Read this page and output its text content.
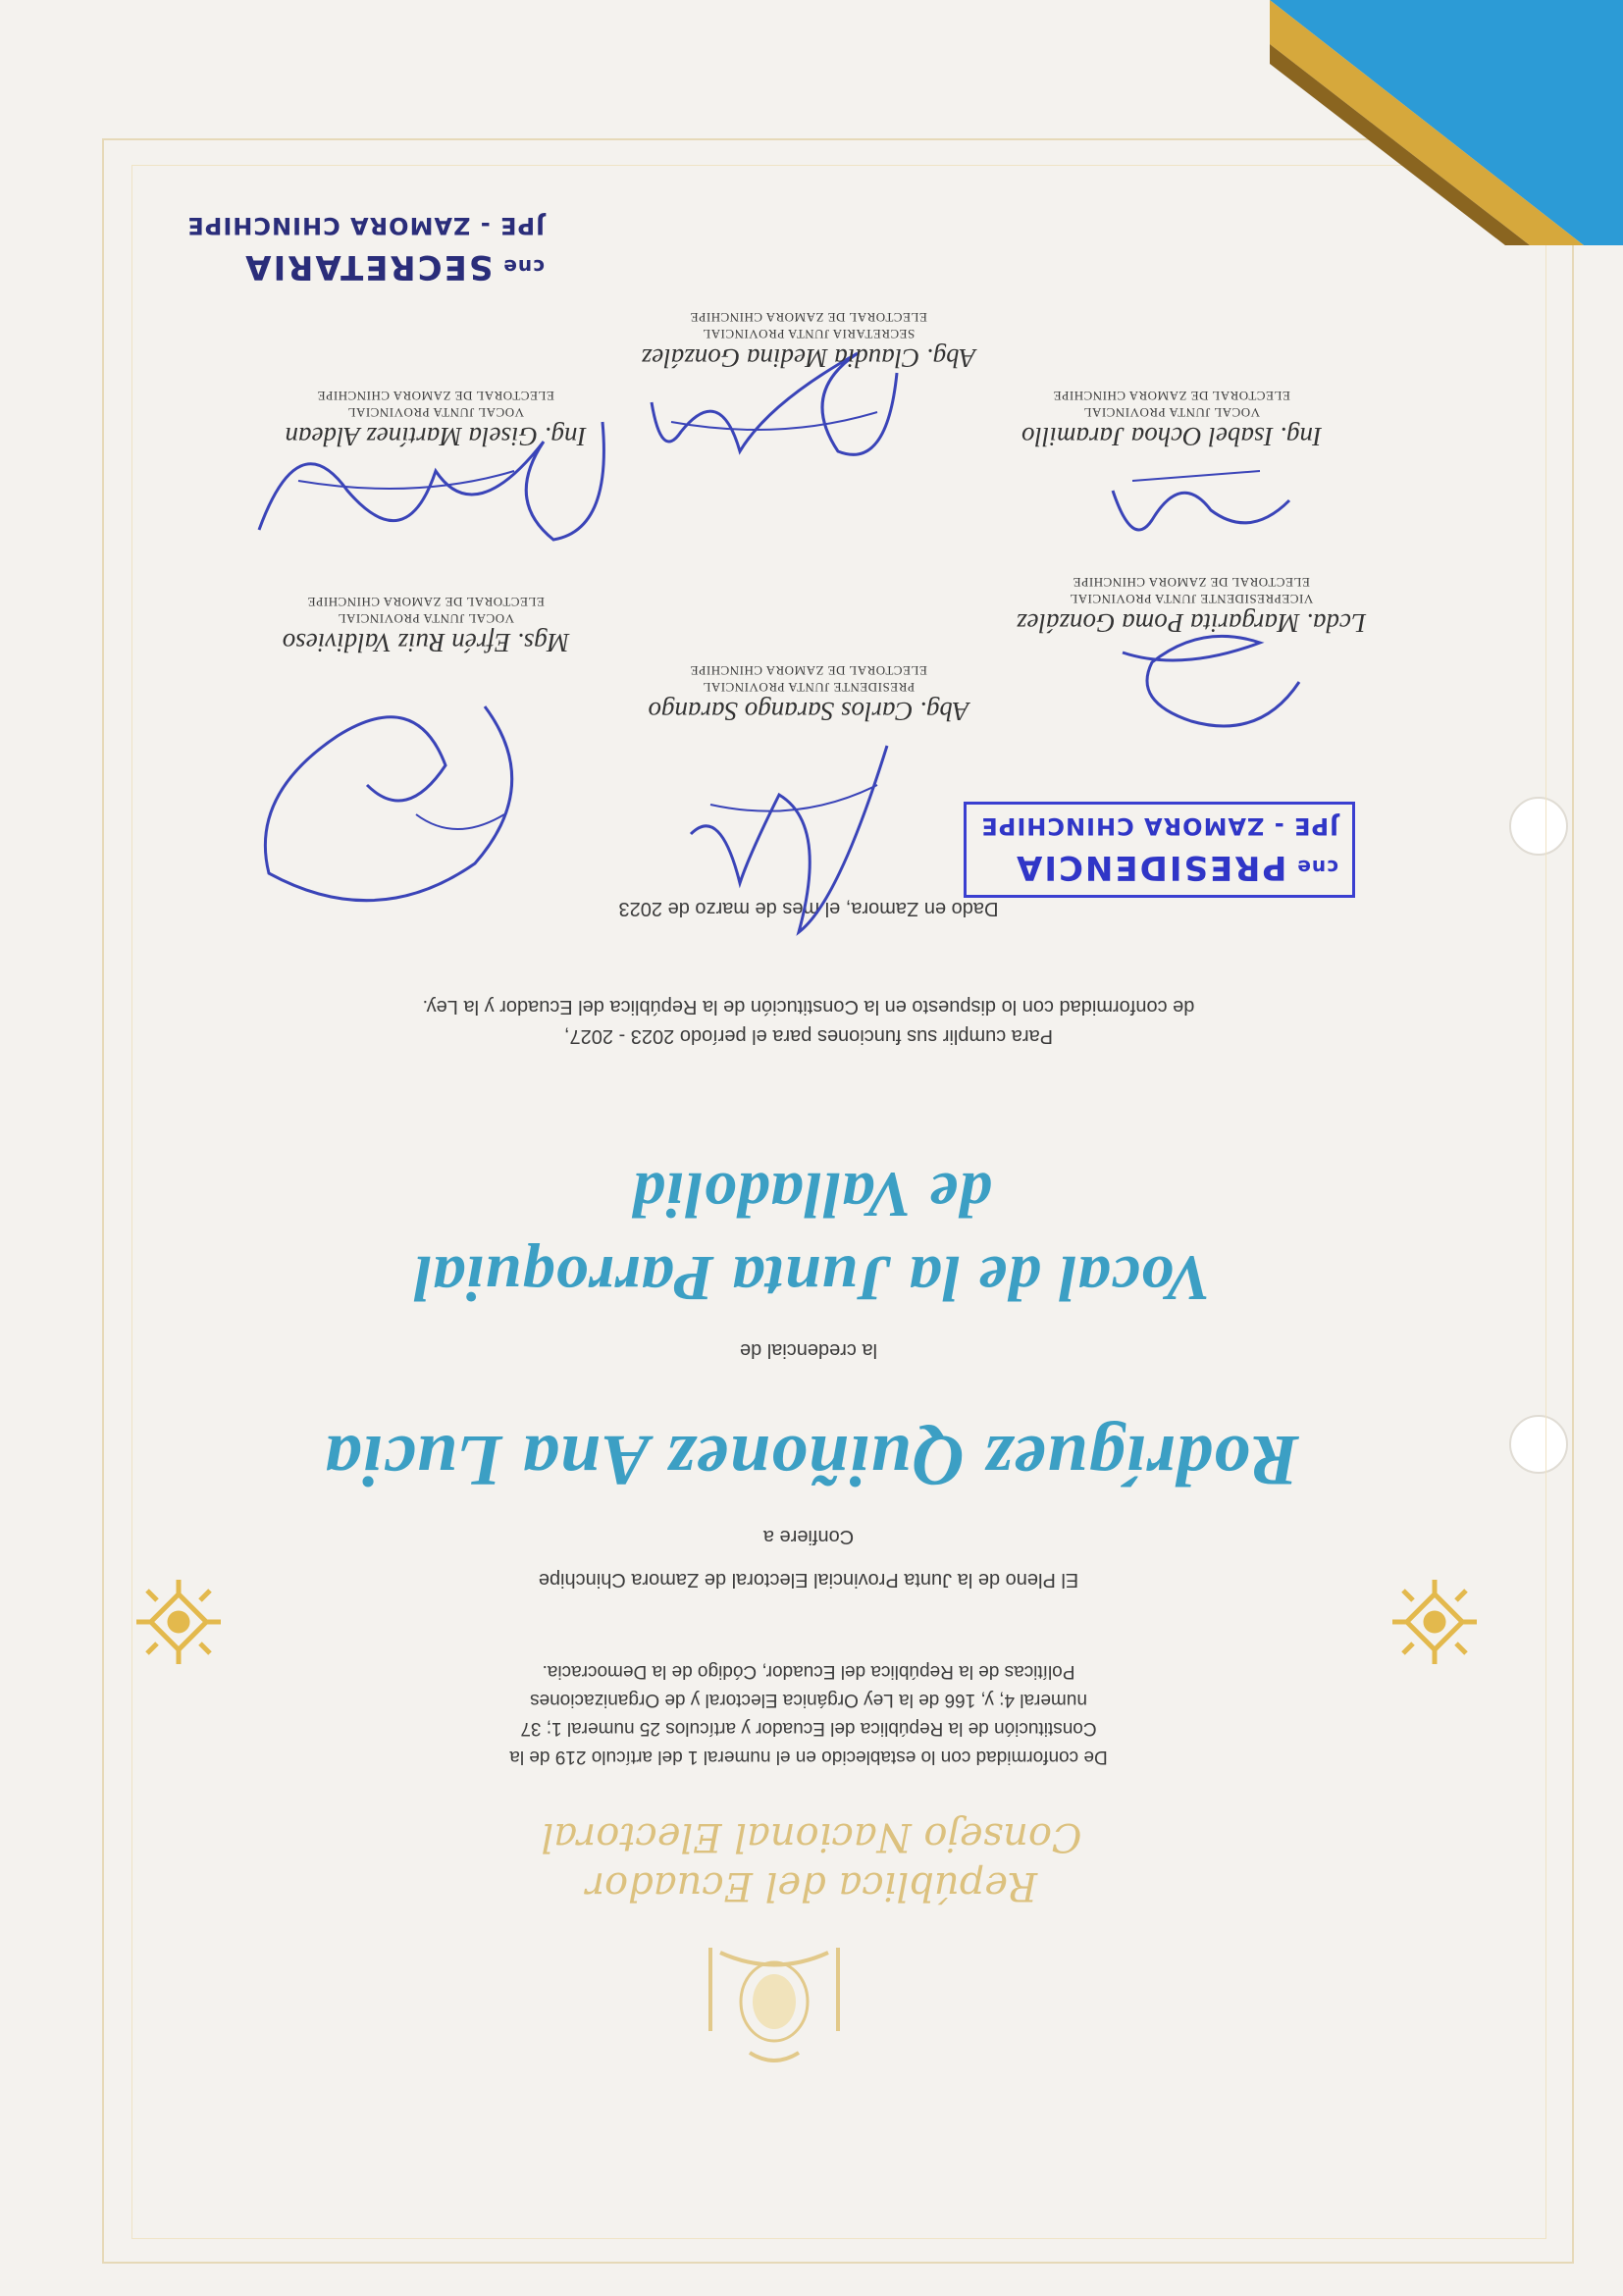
República del Ecuador
Consejo Nacional Electoral
De conformidad con lo establecido en el numeral 1 del artículo 219 de la
Constitución de la República del Ecuador y artículos 25 numeral 1; 37
numeral 4; y, 166 de la Ley Orgánica Electoral y de Organizaciones
Políticas de la República del Ecuador, Código de la Democracia.
El Pleno de la Junta Provincial Electoral de Zamora Chinchipe
Confiere a
Rodríguez Quiñonez Ana Lucia
la credencial de
Vocal de la Junta Parroquial
de Valladolid
Para cumplir sus funciones para el período 2023 - 2027,
de conformidad con lo dispuesto en la Constitución de la República del Ecuador y la Ley.
Dado en Zamora, el mes de marzo de 2023
cne
PRESIDENCIA
JPE - ZAMORA CHINCHIPE
Abg. Carlos Sarango Sarango
PRESIDENTE JUNTA PROVINCIAL
ELECTORAL DE ZAMORA CHINCHIPE
Lcda. Margarita Poma González
VICEPRESIDENTE JUNTA PROVINCIAL
ELECTORAL DE ZAMORA CHINCHIPE
Mgs. Efrén Ruiz Valdivieso
VOCAL JUNTA PROVINCIAL
ELECTORAL DE ZAMORA CHINCHIPE
Ing. Isabel Ochoa Jaramillo
VOCAL JUNTA PROVINCIAL
ELECTORAL DE ZAMORA CHINCHIPE
Ing. Gisela Martínez Aldean
VOCAL JUNTA PROVINCIAL
ELECTORAL DE ZAMORA CHINCHIPE
Abg. Claudia Medina González
SECRETARIA JUNTA PROVINCIAL
ELECTORAL DE ZAMORA CHINCHIPE
cne
SECRETARIA
JPE - ZAMORA CHINCHIPE
